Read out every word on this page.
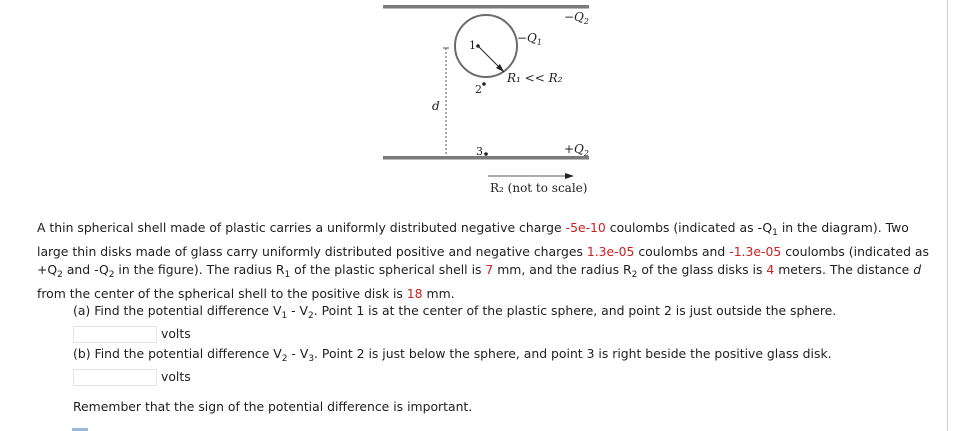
$-Q_1$
$-Q_2$
$+Q_2$
R₁ << R₂
d
1
2
3
R₂ (not to scale)
A thin spherical shell made of plastic carries a uniformly distributed negative charge -5e-10 coulombs (indicated as $-Q_1$ in the diagram). Two large thin disks made of glass carry uniformly distributed positive and negative charges 1.3e-05 coulombs and -1.3e-05 coulombs (indicated as $+Q_2$ and $-Q_2$ in the figure). The radius $R_1$ of the plastic spherical shell is 7 mm, and the radius $R_2$ of the glass disks is 4 meters. The distance d from the center of the spherical shell to the positive disk is 18 mm.
(a) Find the potential difference $V_1 - V_2$. Point 1 is at the center of the plastic sphere, and point 2 is just outside the sphere.
volts
(b) Find the potential difference $V_2 - V_3$. Point 2 is just below the sphere, and point 3 is right beside the positive glass disk.
volts
Remember that the sign of the potential difference is important.
